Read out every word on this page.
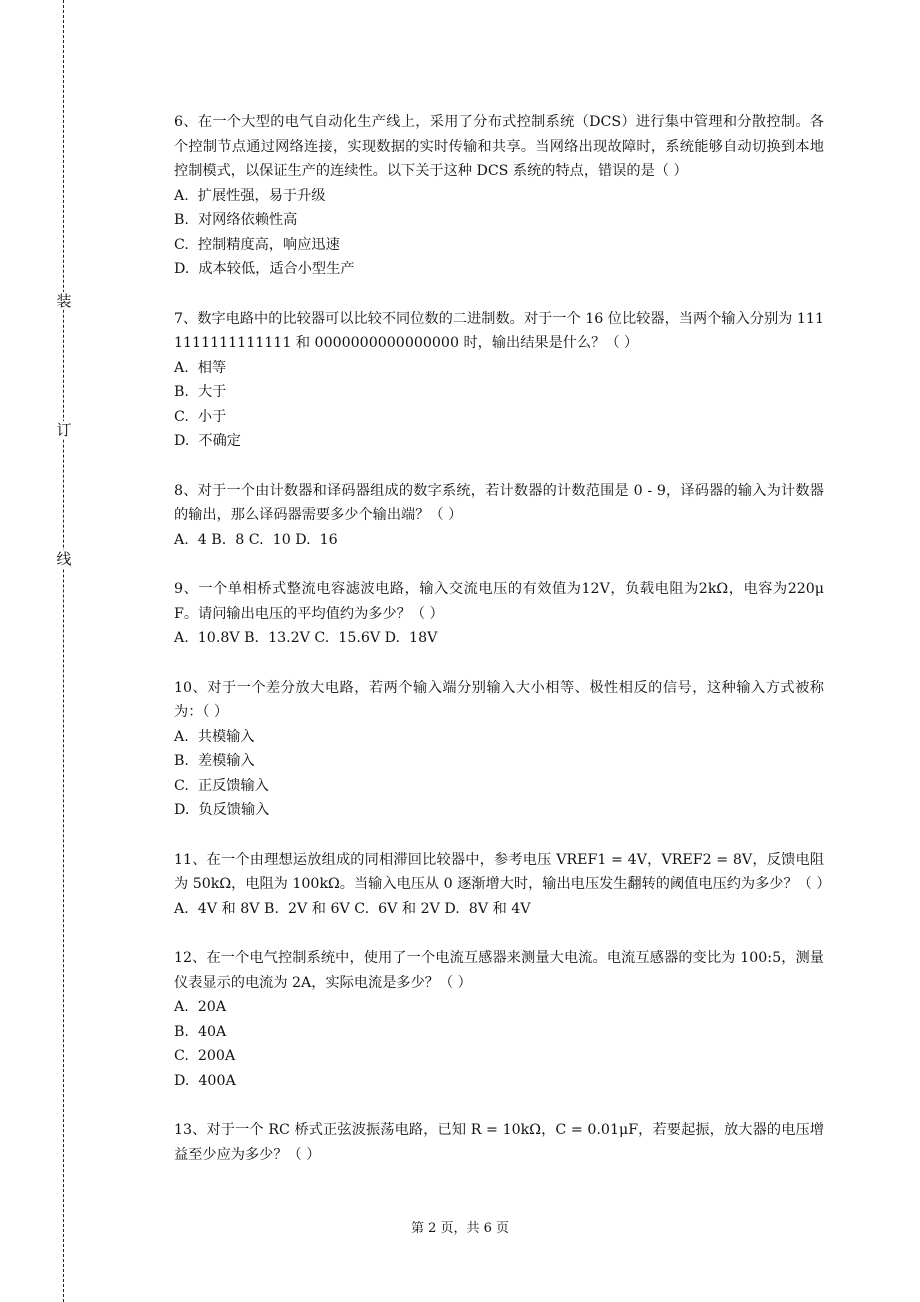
装
订
线
www.zixin.com.cn

6、在一个大型的电气自动化生产线上，采用了分布式控制系统（DCS）进行集中管理和分散控制。各个控制节点通过网络连接，实现数据的实时传输和共享。当网络出现故障时，系统能够自动切换到本地控制模式，以保证生产的连续性。以下关于这种 DCS 系统的特点，错误的是（ ）

A.  扩展性强，易于升级

B.  对网络依赖性高

C.  控制精度高，响应迅速

D.  成本较低，适合小型生产

7、数字电路中的比较器可以比较不同位数的二进制数。对于一个 16 位比较器，当两个输入分别为 1111111111111111 和 0000000000000000 时，输出结果是什么？（ ）

A.  相等

B.  大于

C.  小于

D.  不确定

8、对于一个由计数器和译码器组成的数字系统，若计数器的计数范围是 0 - 9，译码器的输入为计数器的输出，那么译码器需要多少个输出端？（ ）

A.  4 B.  8 C.  10 D.  16

9、一个单相桥式整流电容滤波电路，输入交流电压的有效值为12V，负载电阻为2kΩ，电容为220μF。请问输出电压的平均值约为多少？（ ）

A.  10.8V B.  13.2V C.  15.6V D.  18V

10、对于一个差分放大电路，若两个输入端分别输入大小相等、极性相反的信号，这种输入方式被称为：（ ）

A.  共模输入

B.  差模输入

C.  正反馈输入

D.  负反馈输入

11、在一个由理想运放组成的同相滞回比较器中，参考电压 VREF1 = 4V，VREF2 = 8V，反馈电阻为 50kΩ，电阻为 100kΩ。当输入电压从 0 逐渐增大时，输出电压发生翻转的阈值电压约为多少？（ ）

A.  4V 和 8V B.  2V 和 6V C.  6V 和 2V D.  8V 和 4V

12、在一个电气控制系统中，使用了一个电流互感器来测量大电流。电流互感器的变比为 100:5，测量仪表显示的电流为 2A，实际电流是多少？（ ）

A.  20A

B.  40A

C.  200A

D.  400A

13、对于一个 RC 桥式正弦波振荡电路，已知 R = 10kΩ，C = 0.01μF，若要起振，放大器的电压增益至少应为多少？（ ）

第 2 页，共 6 页
